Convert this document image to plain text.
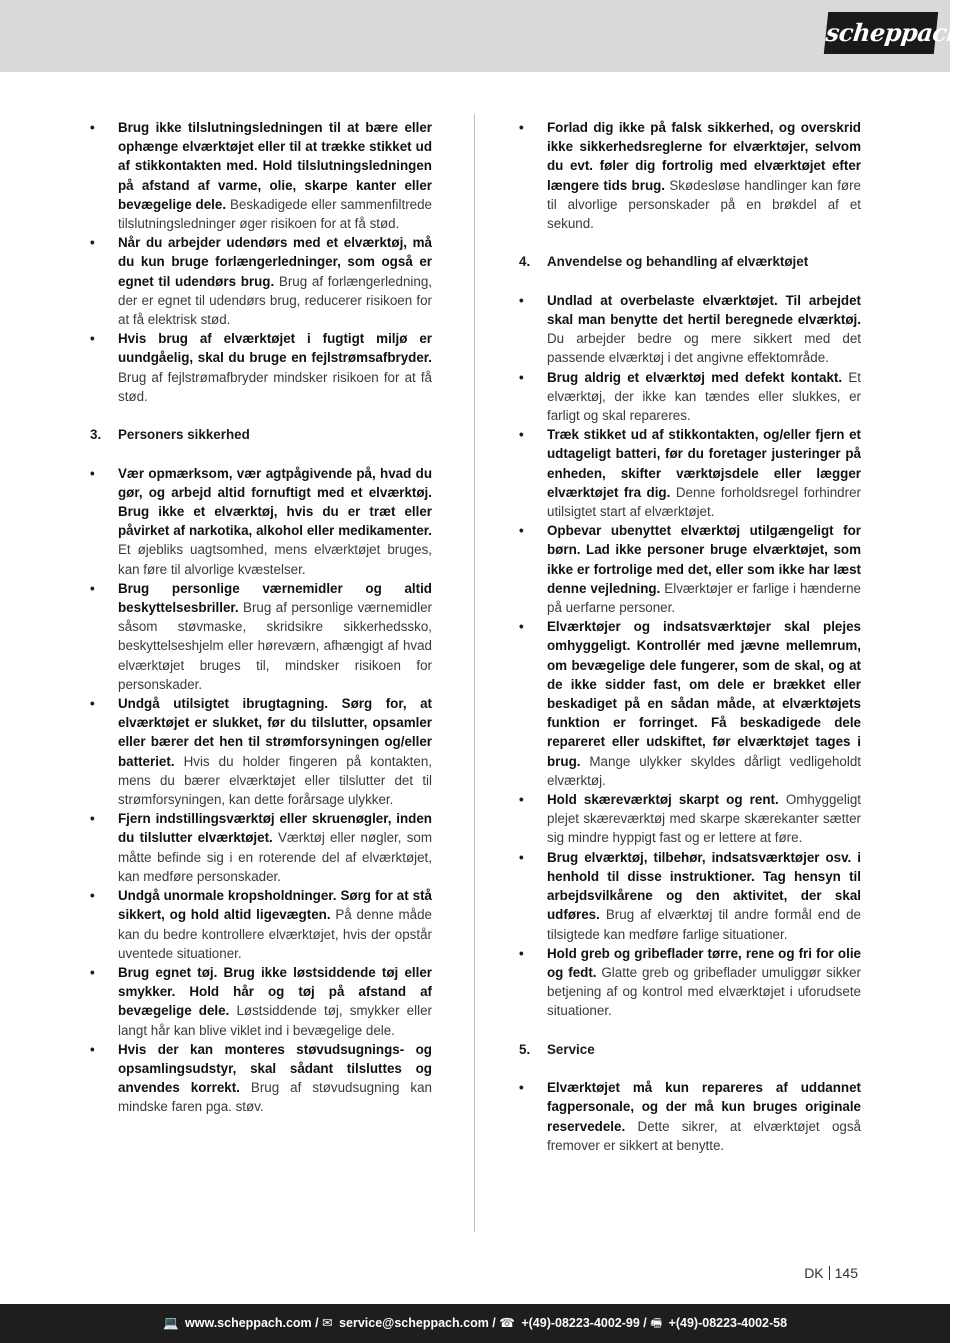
scheppach
• Brug ikke tilslutningsledningen til at bære eller ophænge elværktøjet eller til at trække stikket ud af stikkontakten med. Hold tilslutningsledningen på afstand af varme, olie, skarpe kanter eller bevægelige dele. Beskadigede eller sammenfiltrede tilslutningsledninger øger risikoen for at få stød.
• Når du arbejder udendørs med et elværktøj, må du kun bruge forlængerledninger, som også er egnet til udendørs brug. Brug af forlængerledning, der er egnet til udendørs brug, reducerer risikoen for at få elektrisk stød.
• Hvis brug af elværktøjet i fugtigt miljø er uundgåelig, skal du bruge en fejlstrømsafbryder. Brug af fejlstrømafbryder mindsker risikoen for at få stød.
3. Personers sikkerhed
• Vær opmærksom, vær agtpågivende på, hvad du gør, og arbejd altid fornuftigt med et elværktøj. Brug ikke et elværktøj, hvis du er træt eller påvirket af narkotika, alkohol eller medikamenter. Et øjebliks uagtsomhed, mens elværktøjet bruges, kan føre til alvorlige kvæstelser.
• Brug personlige værnemidler og altid beskyttelsesbriller. Brug af personlige værnemidler såsom støvmaske, skridsikre sikkerhedssko, beskyttelseshjelm eller høreværn, afhængigt af hvad elværktøjet bruges til, mindsker risikoen for personskader.
• Undgå utilsigtet ibrugtagning. Sørg for, at elværktøjet er slukket, før du tilslutter, opsamler eller bærer det hen til strømforsyningen og/eller batteriet. Hvis du holder fingeren på kontakten, mens du bærer elværktøjet eller tilslutter det til strømforsyningen, kan dette forårsage ulykker.
• Fjern indstillingsværktøj eller skruenøgler, inden du tilslutter elværktøjet. Værktøj eller nøgler, som måtte befinde sig i en roterende del af elværktøjet, kan medføre personskader.
• Undgå unormale kropsholdninger. Sørg for at stå sikkert, og hold altid ligevægten. På denne måde kan du bedre kontrollere elværktøjet, hvis der opstår uventede situationer.
• Brug egnet tøj. Brug ikke løstsiddende tøj eller smykker. Hold hår og tøj på afstand af bevægelige dele. Løstsiddende tøj, smykker eller langt hår kan blive viklet ind i bevægelige dele.
• Hvis der kan monteres støvudsugnings- og opsamlingsudstyr, skal sådant tilsluttes og anvendes korrekt. Brug af støvudsugning kan mindske faren pga. støv.
• Forlad dig ikke på falsk sikkerhed, og overskrid ikke sikkerhedsreglerne for elværktøjer, selvom du evt. føler dig fortrolig med elværktøjet efter længere tids brug. Skødesløse handlinger kan føre til alvorlige personskader på en brøkdel af et sekund.
4. Anvendelse og behandling af elværktøjet
• Undlad at overbelaste elværktøjet. Til arbejdet skal man benytte det hertil beregnede elværktøj. Du arbejder bedre og mere sikkert med det passende elværktøj i det angivne effektområde.
• Brug aldrig et elværktøj med defekt kontakt. Et elværktøj, der ikke kan tændes eller slukkes, er farligt og skal repareres.
• Træk stikket ud af stikkontakten, og/eller fjern et udtageligt batteri, før du foretager justeringer på enheden, skifter værktøjsdele eller lægger elværktøjet fra dig. Denne forholdsregel forhindrer utilsigtet start af elværktøjet.
• Opbevar ubenyttet elværktøj utilgængeligt for børn. Lad ikke personer bruge elværktøjet, som ikke er fortrolige med det, eller som ikke har læst denne vejledning. Elværktøjer er farlige i hænderne på uerfarne personer.
• Elværktøjer og indsatsværktøjer skal plejes omhyggeligt. Kontrollér med jævne mellemrum, om bevægelige dele fungerer, som de skal, og at de ikke sidder fast, om dele er brækket eller beskadiget på en sådan måde, at elværktøjets funktion er forringet. Få beskadigede dele repareret eller udskiftet, før elværktøjet tages i brug. Mange ulykker skyldes dårligt vedligeholdt elværktøj.
• Hold skæreværktøj skarpt og rent. Omhyggeligt plejet skæreværktøj med skarpe skærekanter sætter sig mindre hyppigt fast og er lettere at føre.
• Brug elværktøj, tilbehør, indsatsværktøjer osv. i henhold til disse instruktioner. Tag hensyn til arbejdsvilkårene og den aktivitet, der skal udføres. Brug af elværktøj til andre formål end de tilsigtede kan medføre farlige situationer.
• Hold greb og gribeflader tørre, rene og fri for olie og fedt. Glatte greb og gribeflader umuliggør sikker betjening af og kontrol med elværktøjet i uforudsete situationer.
5. Service
• Elværktøjet må kun repareres af uddannet fagpersonale, og der må kun bruges originale reservedele. Dette sikrer, at elværktøjet også fremover er sikkert at benytte.
DK 145
💻 www.scheppach.com / ✉ service@scheppach.com / ☎ +(49)-08223-4002-99 / 🖷 +(49)-08223-4002-58
